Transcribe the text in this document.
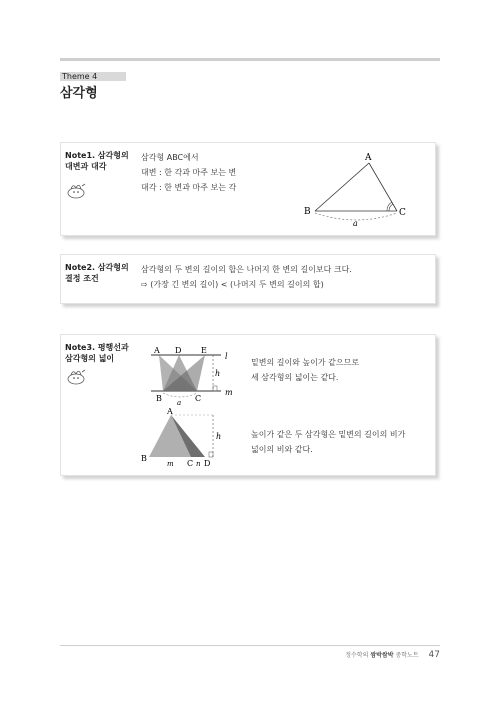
Theme 4
삼각형
Note1. 삼각형의
대변과 대각
삼각형 ABC에서
대변 : 한 각과 마주 보는 변
대각 : 한 변과 마주 보는 각
A
B	C
a
Note2. 삼각형의
결정 조건
삼각형의 두 변의 길이의 합은 나머지 한 변의 길이보다 크다.
⇨ (가장 긴 변의 길이) < (나머지 두 변의 길이의 합)
Note3. 평행선과
삼각형의 넓이
A D E
B	C
l
m
h
a
A
B
C D
h
m	n
밑변의 길이와 높이가 같으므로
세 삼각형의 넓이는 같다.
높이가 같은 두 삼각형은 밑변의 길이의 비가
넓이의 비와 같다.
정수학의 쌈박쌈박 중학노트 47
